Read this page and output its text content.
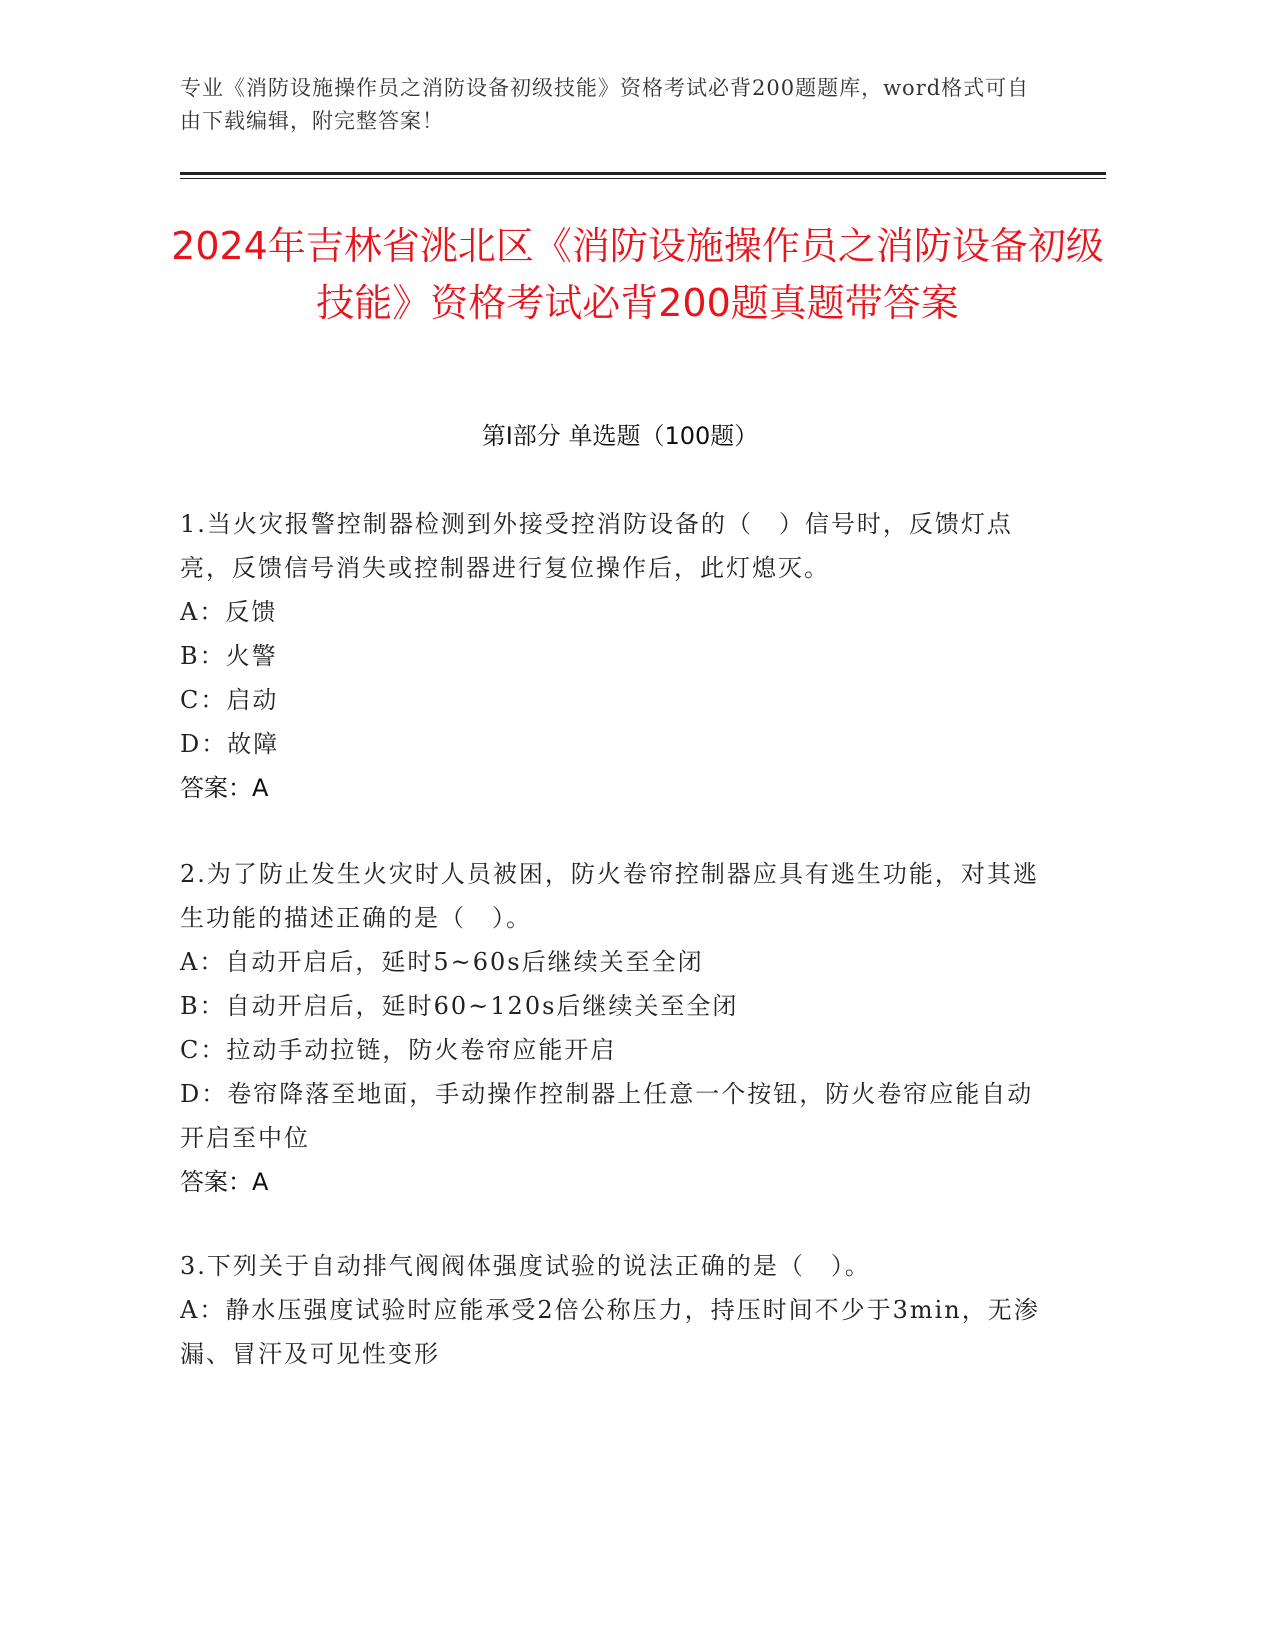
专业《消防设施操作员之消防设备初级技能》资格考试必背200题题库，word格式可自由下载编辑，附完整答案！
2024年吉林省洮北区《消防设施操作员之消防设备初级技能》资格考试必背200题真题带答案
第I部分 单选题（100题）
1.当火灾报警控制器检测到外接受控消防设备的（　）信号时，反馈灯点亮，反馈信号消失或控制器进行复位操作后，此灯熄灭。
A：反馈
B：火警
C：启动
D：故障
答案：A
2.为了防止发生火灾时人员被困，防火卷帘控制器应具有逃生功能，对其逃生功能的描述正确的是（　）。
A：自动开启后，延时5~60s后继续关至全闭
B：自动开启后，延时60~120s后继续关至全闭
C：拉动手动拉链，防火卷帘应能开启
D：卷帘降落至地面，手动操作控制器上任意一个按钮，防火卷帘应能自动开启至中位
答案：A
3.下列关于自动排气阀阀体强度试验的说法正确的是（　）。
A：静水压强度试验时应能承受2倍公称压力，持压时间不少于3min，无渗漏、冒汗及可见性变形
